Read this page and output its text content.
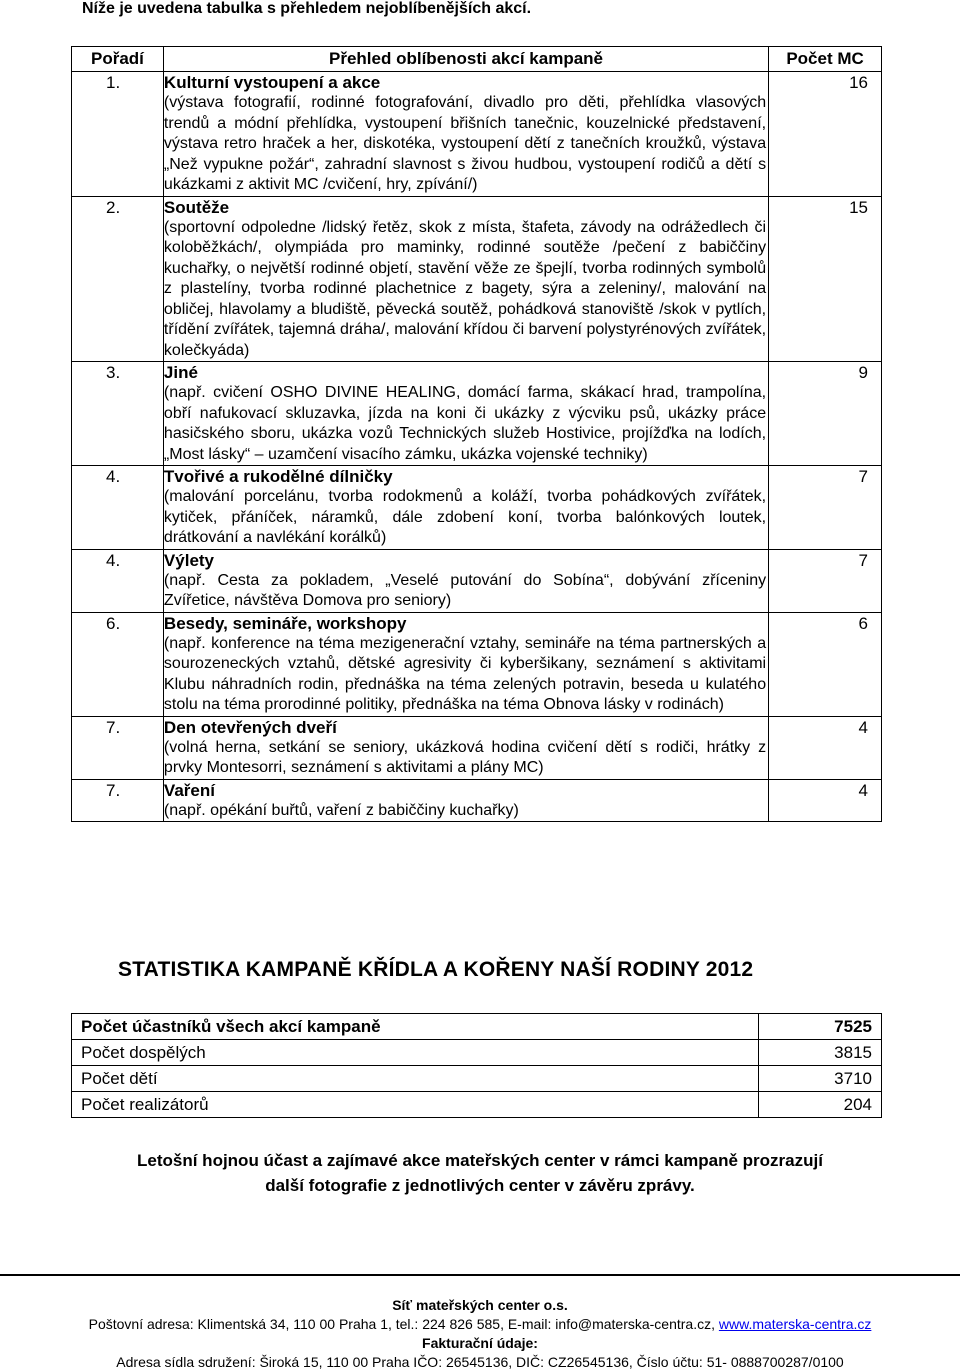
Níže je uvedena tabulka s přehledem nejoblíbenějších akcí.
Pořadí	Přehled oblíbenosti akcí kampaně	Počet MC
1.	Kulturní vystoupení a akce
(výstava fotografií, rodinné fotografování, divadlo pro děti, přehlídka vlasových trendů a módní přehlídka, vystoupení břišních tanečnic, kouzelnické představení, výstava retro hraček a her, diskotéka, vystoupení dětí z tanečních kroužků, výstava „Než vypukne požár“, zahradní slavnost s živou hudbou, vystoupení rodičů a dětí s ukázkami z aktivit MC /cvičení, hry, zpívání/)	16
2.	Soutěže
(sportovní odpoledne /lidský řetěz, skok z místa, štafeta, závody na odrážedlech či koloběžkách/, olympiáda pro maminky, rodinné soutěže /pečení z babiččiny kuchařky, o největší rodinné objetí, stavění věže ze špejlí, tvorba rodinných symbolů z plastelíny, tvorba rodinné plachetnice z bagety, sýra a zeleniny/, malování na obličej, hlavolamy a bludiště, pěvecká soutěž, pohádková stanoviště /skok v pytlích, třídění zvířátek, tajemná dráha/, malování křídou či barvení polystyrénových zvířátek, kolečkyáda)	15
3.	Jiné
(např. cvičení OSHO DIVINE HEALING, domácí farma, skákací hrad, trampolína, obří nafukovací skluzavka, jízda na koni či ukázky z výcviku psů, ukázky práce hasičského sboru, ukázka vozů Technických služeb Hostivice, projížďka na lodích, „Most lásky“ – uzamčení visacího zámku, ukázka vojenské techniky)	9
4.	Tvořivé a rukodělné dílničky
(malování porcelánu, tvorba rodokmenů a koláží, tvorba pohádkových zvířátek, kytiček, přáníček, náramků, dále zdobení koní, tvorba balónkových loutek, drátkování a navlékání korálků)	7
4.	Výlety
(např. Cesta za pokladem, „Veselé putování do Sobína“, dobývání zříceniny Zvířetice, návštěva Domova pro seniory)	7
6.	Besedy, semináře, workshopy
(např. konference na téma mezigenerační vztahy, semináře na téma partnerských a sourozeneckých vztahů, dětské agresivity či kyberšikany, seznámení s aktivitami Klubu náhradních rodin, přednáška na téma zelených potravin, beseda u kulatého stolu na téma prorodinné politiky, přednáška na téma Obnova lásky v rodinách)	6
7.	Den otevřených dveří
(volná herna, setkání se seniory, ukázková hodina cvičení dětí s rodiči, hrátky z prvky Montesorri, seznámení s aktivitami a plány MC)	4
7.	Vaření
(např. opékání buřtů, vaření z babiččiny kuchařky)	4
STATISTIKA KAMPANĚ KŘÍDLA A KOŘENY NAŠÍ RODINY 2012
Počet účastníků všech akcí kampaně	7525
Počet dospělých	3815
Počet dětí	3710
Počet realizátorů	204
Letošní hojnou účast a zajímavé akce mateřských center v rámci kampaně prozrazují
další fotografie z jednotlivých center v závěru zprávy.
Síť mateřských center o.s.
Poštovní adresa: Klimentská 34, 110 00 Praha 1, tel.: 224 826 585, E-mail: info@materska-centra.cz, www.materska-centra.cz
Fakturační údaje:
Adresa sídla sdružení: Široká 15, 110 00 Praha IČO: 26545136, DIČ: CZ26545136, Číslo účtu: 51- 0888700287/0100
